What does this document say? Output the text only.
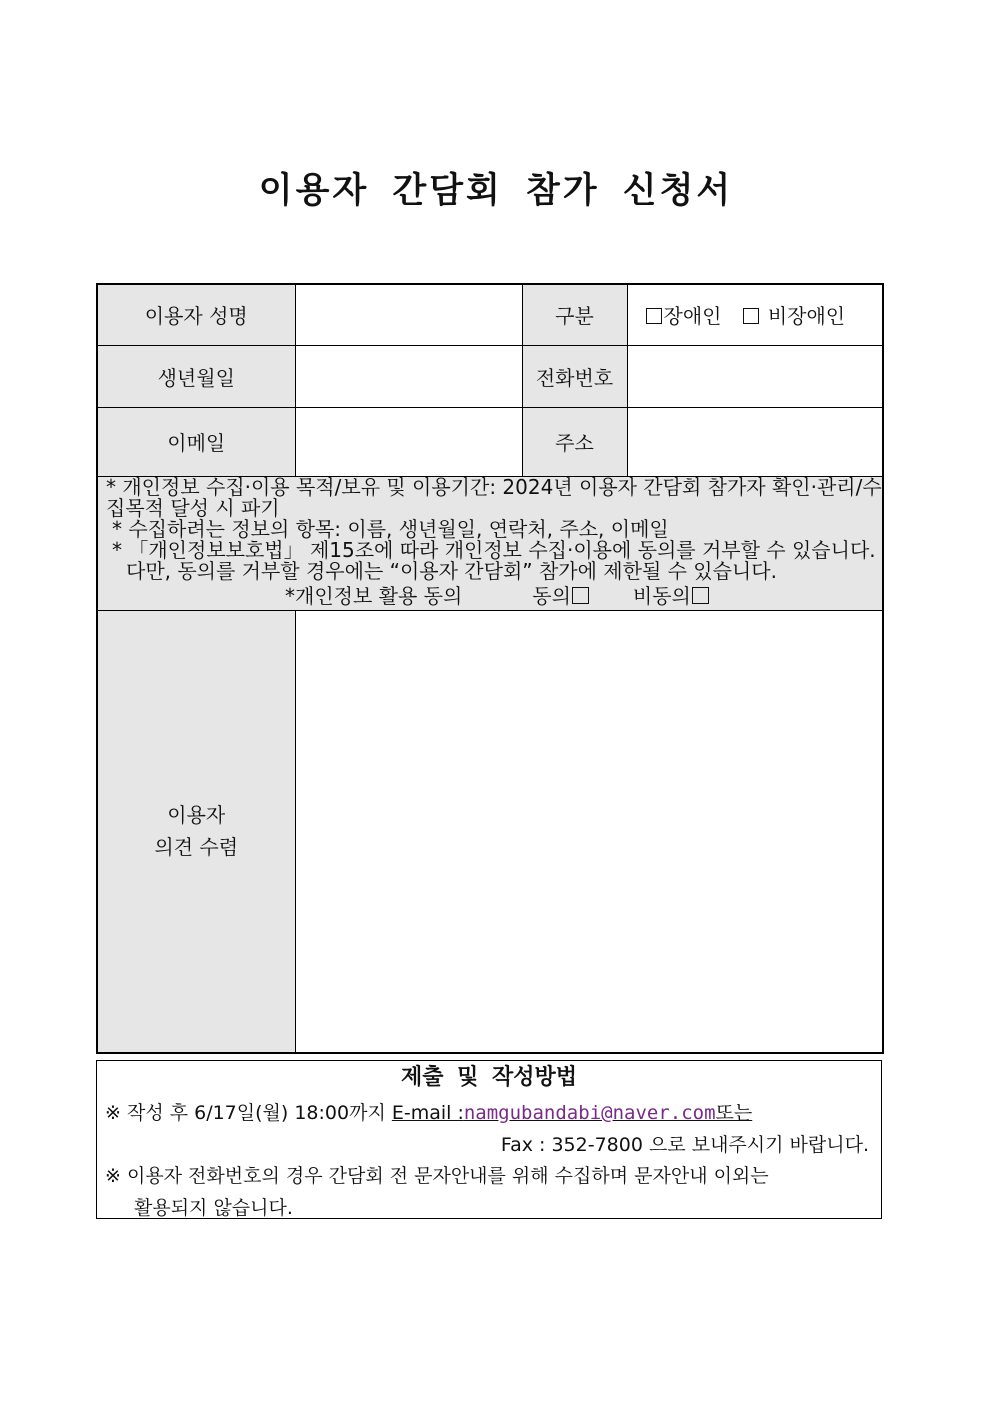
이용자 간담회 참가 신청서
이용자 성명		구분	장애인 비장애인
생년월일		전화번호	
이메일		주소	

* 개인정보 수집·이용 목적/보유 및 이용기간: 2024년 이용자 간담회 참가자 확인·관리/수집목적 달성 시 파기
* 수집하려는 정보의 항목: 이름, 생년월일, 연락처, 주소, 이메일
* 「개인정보보호법」 제15조에 따라 개인정보 수집·이용에 동의를 거부할 수 있습니다.
다만, 동의를 거부할 경우에는 “이용자 간담회” 참가에 제한될 수 있습니다.
*개인정보 활용 동의 동의 비동의			

이용자
의견 수렴			

제출 및 작성방법
※ 작성 후 6/17일(월) 18:00까지 E-mail :namgubandabi@naver.com또는
Fax : 352-7800 으로 보내주시기 바랍니다.
※ 이용자 전화번호의 경우 간담회 전 문자안내를 위해 수집하며 문자안내 이외는
활용되지 않습니다.
